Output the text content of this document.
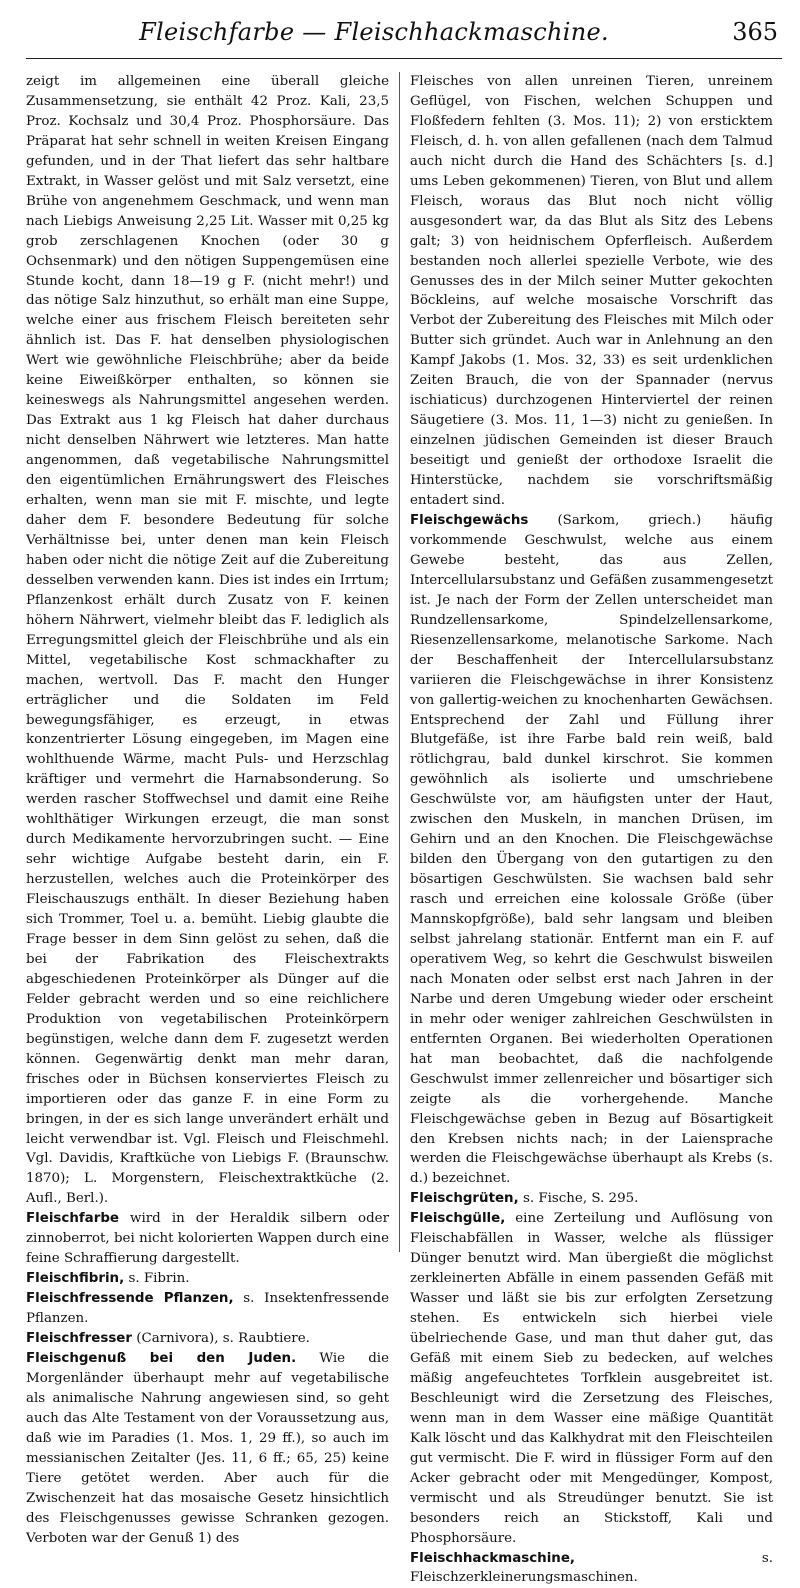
Fleischfarbe — Fleischhackmaschine.	365

zeigt im allgemeinen eine überall gleiche Zusammensetzung, sie enthält 42 Proz. Kali, 23,5 Proz. Kochsalz und 30,4 Proz. Phosphorsäure. Das Präparat hat sehr schnell in weiten Kreisen Eingang gefunden, und in der That liefert das sehr haltbare Extrakt, in Wasser gelöst und mit Salz versetzt, eine Brühe von angenehmem Geschmack, und wenn man nach Liebigs Anweisung 2,25 Lit. Wasser mit 0,25 kg grob zerschlagenen Knochen (oder 30 g Ochsenmark) und den nötigen Suppengemüsen eine Stunde kocht, dann 18—19 g F. (nicht mehr!) und das nötige Salz hinzuthut, so erhält man eine Suppe, welche einer aus frischem Fleisch bereiteten sehr ähnlich ist. Das F. hat denselben physiologischen Wert wie gewöhnliche Fleischbrühe; aber da beide keine Eiweißkörper enthalten, so können sie keineswegs als Nahrungsmittel angesehen werden. Das Extrakt aus 1 kg Fleisch hat daher durchaus nicht denselben Nährwert wie letzteres. Man hatte angenommen, daß vegetabilische Nahrungsmittel den eigentümlichen Ernährungswert des Fleisches erhalten, wenn man sie mit F. mischte, und legte daher dem F. besondere Bedeutung für solche Verhältnisse bei, unter denen man kein Fleisch haben oder nicht die nötige Zeit auf die Zubereitung desselben verwenden kann. Dies ist indes ein Irrtum; Pflanzenkost erhält durch Zusatz von F. keinen höhern Nährwert, vielmehr bleibt das F. lediglich als Erregungsmittel gleich der Fleischbrühe und als ein Mittel, vegetabilische Kost schmackhafter zu machen, wertvoll. Das F. macht den Hunger erträglicher und die Soldaten im Feld bewegungsfähiger, es erzeugt, in etwas konzentrierter Lösung eingegeben, im Magen eine wohlthuende Wärme, macht Puls- und Herzschlag kräftiger und vermehrt die Harnabsonderung. So werden rascher Stoffwechsel und damit eine Reihe wohlthätiger Wirkungen erzeugt, die man sonst durch Medikamente hervorzubringen sucht. — Eine sehr wichtige Aufgabe besteht darin, ein F. herzustellen, welches auch die Proteinkörper des Fleischauszugs enthält. In dieser Beziehung haben sich Trommer, Toel u. a. bemüht. Liebig glaubte die Frage besser in dem Sinn gelöst zu sehen, daß die bei der Fabrikation des Fleischextrakts abgeschiedenen Proteinkörper als Dünger auf die Felder gebracht werden und so eine reichlichere Produktion von vegetabilischen Proteinkörpern begünstigen, welche dann dem F. zugesetzt werden können. Gegenwärtig denkt man mehr daran, frisches oder in Büchsen konserviertes Fleisch zu importieren oder das ganze F. in eine Form zu bringen, in der es sich lange unverändert erhält und leicht verwendbar ist. Vgl. Fleisch und Fleischmehl. Vgl. Davidis, Kraftküche von Liebigs F. (Braunschw. 1870); L. Morgenstern, Fleischextraktküche (2. Aufl., Berl.).

Fleischfarbe wird in der Heraldik silbern oder zinnoberrot, bei nicht kolorierten Wappen durch eine feine Schraffierung dargestellt.

Fleischfibrin, s. Fibrin.

Fleischfressende Pflanzen, s. Insektenfressende Pflanzen.

Fleischfresser (Carnivora), s. Raubtiere.

Fleischgenuß bei den Juden. Wie die Morgenländer überhaupt mehr auf vegetabilische als animalische Nahrung angewiesen sind, so geht auch das Alte Testament von der Voraussetzung aus, daß wie im Paradies (1. Mos. 1, 29 ff.), so auch im messianischen Zeitalter (Jes. 11, 6 ff.; 65, 25) keine Tiere getötet werden. Aber auch für die Zwischenzeit hat das mosaische Gesetz hinsichtlich des Fleischgenusses gewisse Schranken gezogen. Verboten war der Genuß 1) des

Fleisches von allen unreinen Tieren, unreinem Geflügel, von Fischen, welchen Schuppen und Floßfedern fehlten (3. Mos. 11); 2) von ersticktem Fleisch, d. h. von allen gefallenen (nach dem Talmud auch nicht durch die Hand des Schächters [s. d.] ums Leben gekommenen) Tieren, von Blut und allem Fleisch, woraus das Blut noch nicht völlig ausgesondert war, da das Blut als Sitz des Lebens galt; 3) von heidnischem Opferfleisch. Außerdem bestanden noch allerlei spezielle Verbote, wie des Genusses des in der Milch seiner Mutter gekochten Böckleins, auf welche mosaische Vorschrift das Verbot der Zubereitung des Fleisches mit Milch oder Butter sich gründet. Auch war in Anlehnung an den Kampf Jakobs (1. Mos. 32, 33) es seit urdenklichen Zeiten Brauch, die von der Spannader (nervus ischiaticus) durchzogenen Hinterviertel der reinen Säugetiere (3. Mos. 11, 1—3) nicht zu genießen. In einzelnen jüdischen Gemeinden ist dieser Brauch beseitigt und genießt der orthodoxe Israelit die Hinterstücke, nachdem sie vorschriftsmäßig entadert sind.

Fleischgewächs (Sarkom, griech.) häufig vorkommende Geschwulst, welche aus einem Gewebe besteht, das aus Zellen, Intercellularsubstanz und Gefäßen zusammengesetzt ist. Je nach der Form der Zellen unterscheidet man Rundzellensarkome, Spindelzellensarkome, Riesenzellensarkome, melanotische Sarkome. Nach der Beschaffenheit der Intercellularsubstanz variieren die Fleischgewächse in ihrer Konsistenz von gallertig-weichen zu knochenharten Gewächsen. Entsprechend der Zahl und Füllung ihrer Blutgefäße, ist ihre Farbe bald rein weiß, bald rötlichgrau, bald dunkel kirschrot. Sie kommen gewöhnlich als isolierte und umschriebene Geschwülste vor, am häufigsten unter der Haut, zwischen den Muskeln, in manchen Drüsen, im Gehirn und an den Knochen. Die Fleischgewächse bilden den Übergang von den gutartigen zu den bösartigen Geschwülsten. Sie wachsen bald sehr rasch und erreichen eine kolossale Größe (über Mannskopfgröße), bald sehr langsam und bleiben selbst jahrelang stationär. Entfernt man ein F. auf operativem Weg, so kehrt die Geschwulst bisweilen nach Monaten oder selbst erst nach Jahren in der Narbe und deren Umgebung wieder oder erscheint in mehr oder weniger zahlreichen Geschwülsten in entfernten Organen. Bei wiederholten Operationen hat man beobachtet, daß die nachfolgende Geschwulst immer zellenreicher und bösartiger sich zeigte als die vorhergehende. Manche Fleischgewächse geben in Bezug auf Bösartigkeit den Krebsen nichts nach; in der Laiensprache werden die Fleischgewächse überhaupt als Krebs (s. d.) bezeichnet.

Fleischgrüten, s. Fische, S. 295.

Fleischgülle, eine Zerteilung und Auflösung von Fleischabfällen in Wasser, welche als flüssiger Dünger benutzt wird. Man übergießt die möglichst zerkleinerten Abfälle in einem passenden Gefäß mit Wasser und läßt sie bis zur erfolgten Zersetzung stehen. Es entwickeln sich hierbei viele übelriechende Gase, und man thut daher gut, das Gefäß mit einem Sieb zu bedecken, auf welches mäßig angefeuchtetes Torfklein ausgebreitet ist. Beschleunigt wird die Zersetzung des Fleisches, wenn man in dem Wasser eine mäßige Quantität Kalk löscht und das Kalkhydrat mit den Fleischteilen gut vermischt. Die F. wird in flüssiger Form auf den Acker gebracht oder mit Mengedünger, Kompost, vermischt und als Streudünger benutzt. Sie ist besonders reich an Stickstoff, Kali und Phosphorsäure.

Fleischhackmaschine, s. Fleischzerkleinerungsmaschinen.
